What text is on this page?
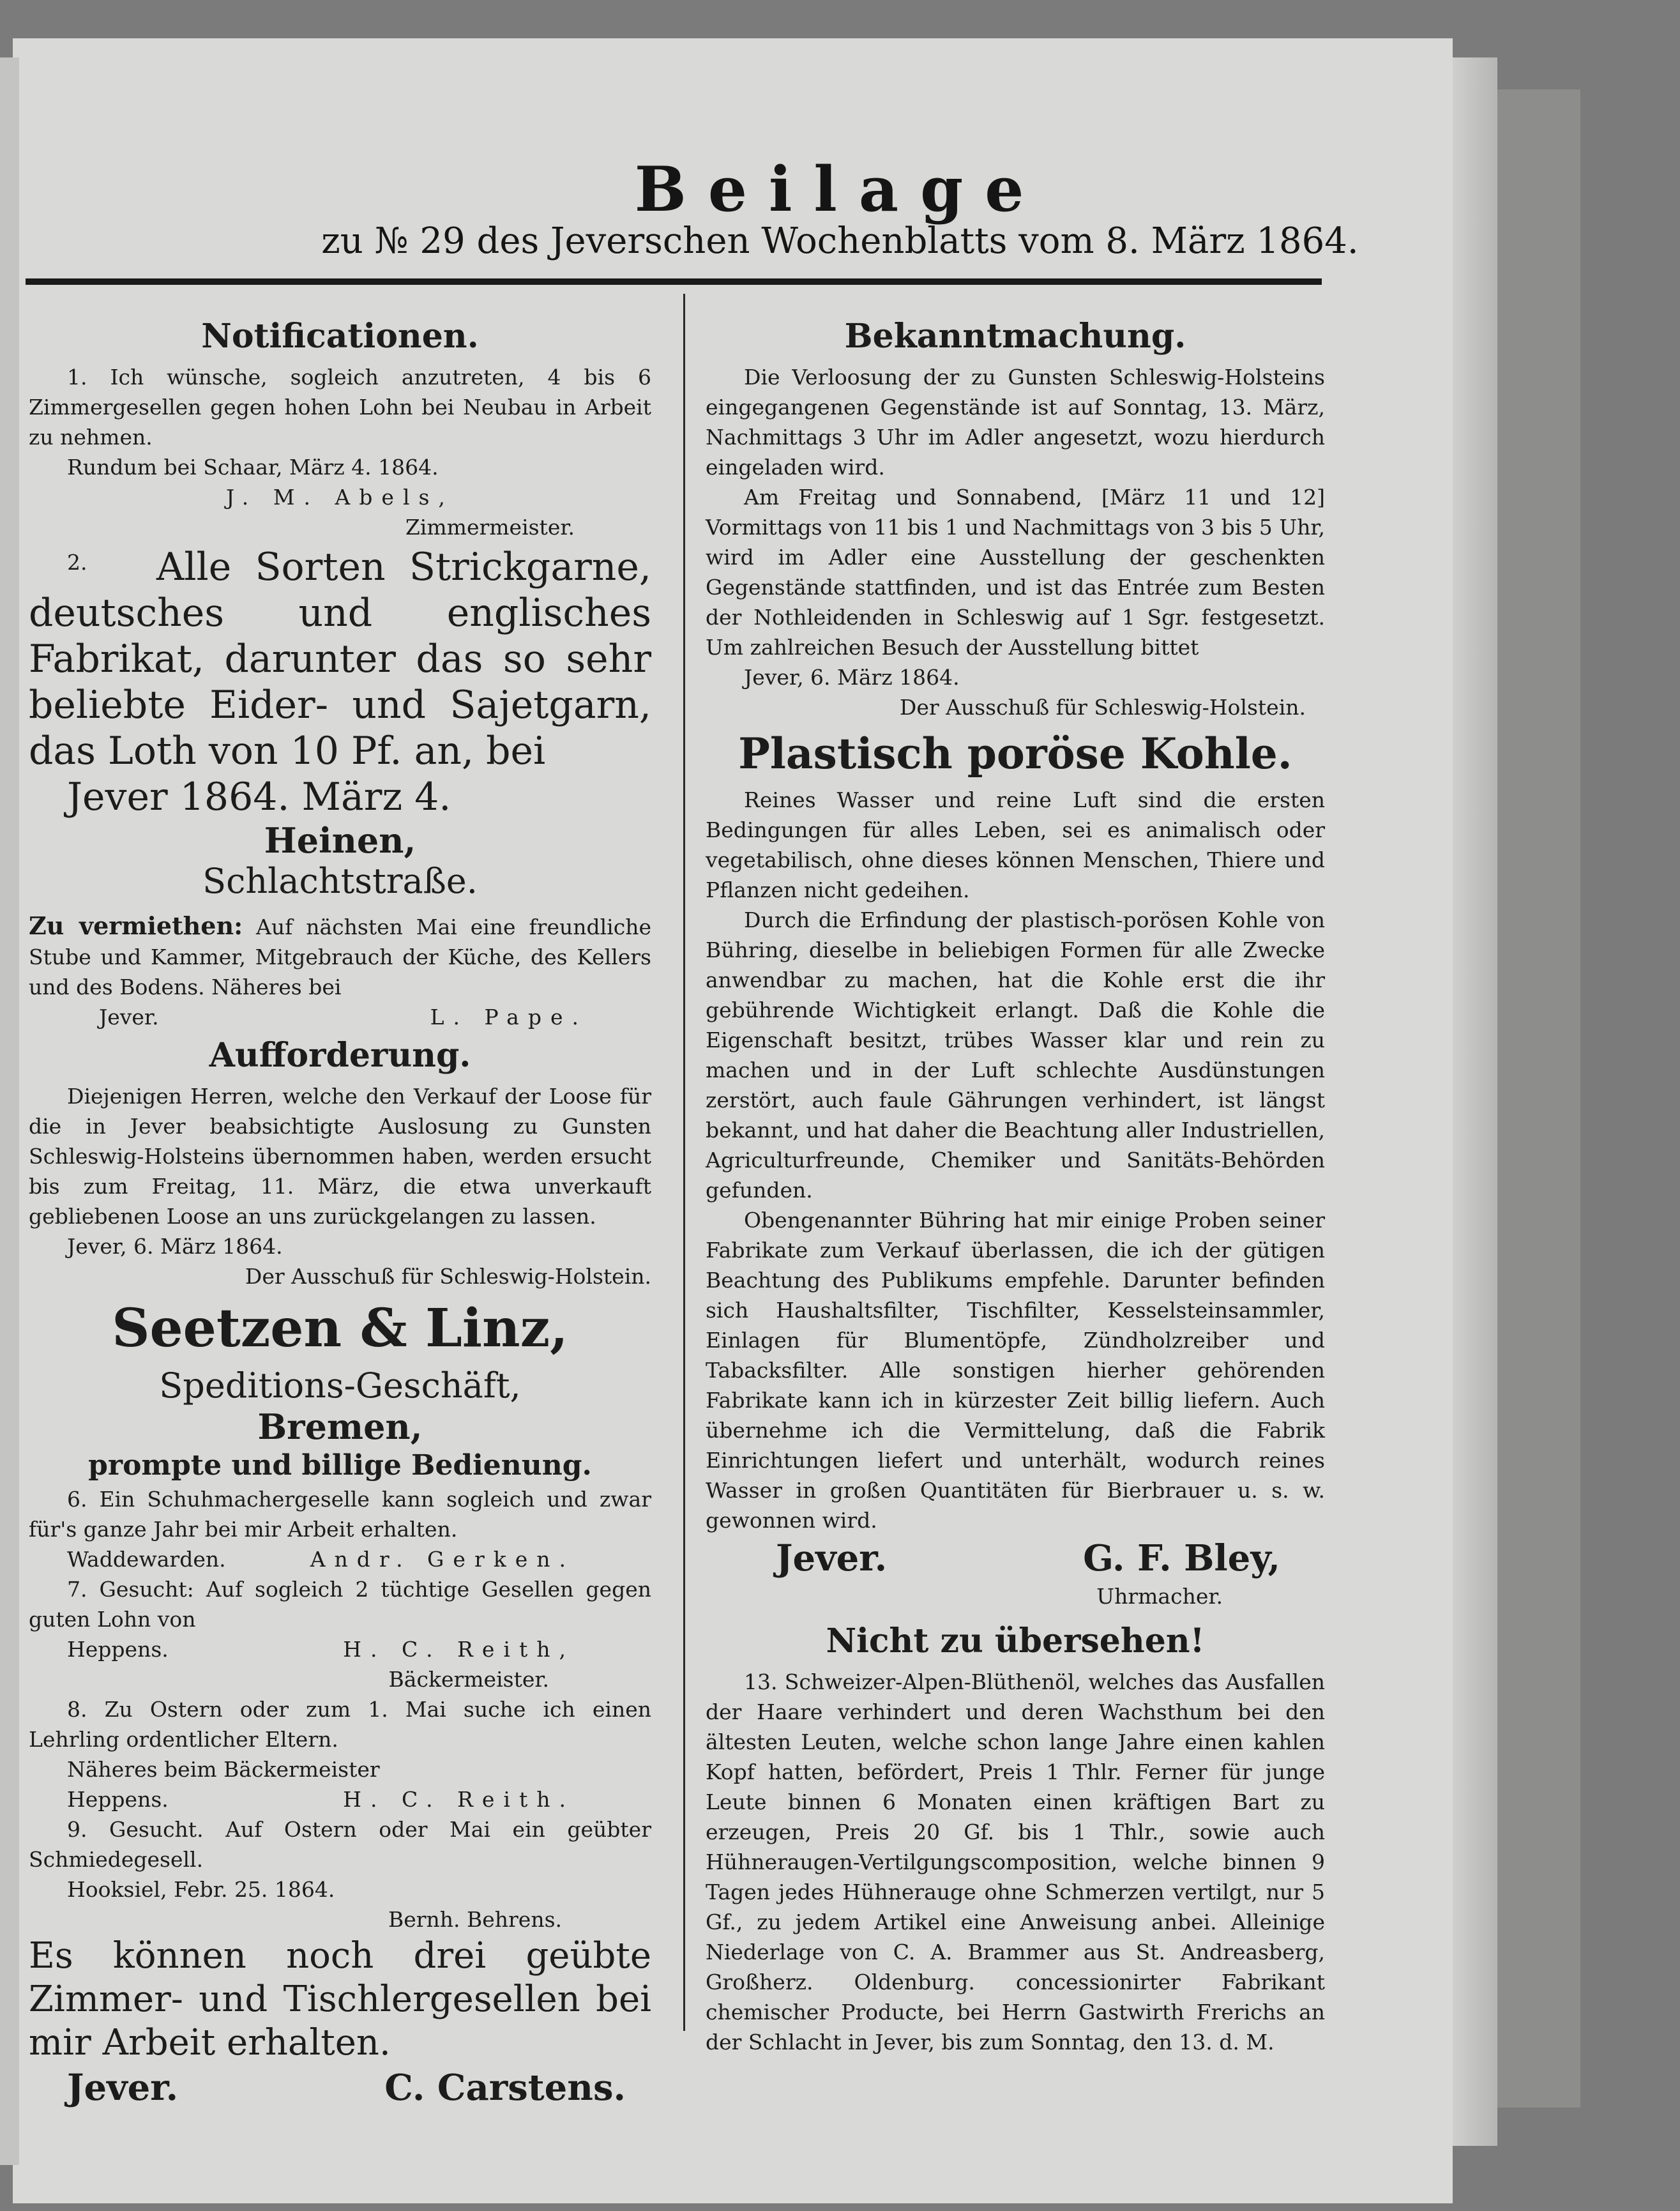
Beilage
zu № 29 des Jeverschen Wochenblatts vom 8. März 1864.
Notificationen.

1. Ich wünsche, sogleich anzutreten, 4 bis 6 Zimmergesellen gegen hohen Lohn bei Neubau in Arbeit zu nehmen.

Rundum bei Schaar, März 4. 1864.

J. M. Abels,

Zimmermeister.

2.	Alle Sorten Strickgarne, deutsches und englisches Fabrikat, darunter das so sehr beliebte Eider- und Sajetgarn, das Loth von 10 Pf. an, bei

Jever 1864. März 4.

Heinen,
Schlachtstraße.

Zu vermiethen: Auf nächsten Mai eine freundliche Stube und Kammer, Mitgebrauch der Küche, des Kellers und des Bodens. Näheres bei

Jever.	L. Pape.
Aufforderung.

Diejenigen Herren, welche den Verkauf der Loose für die in Jever beabsichtigte Auslosung zu Gunsten Schleswig-Holsteins übernommen haben, werden ersucht bis zum Freitag, 11. März, die etwa unverkauft gebliebenen Loose an uns zurückgelangen zu lassen.

Jever, 6. März 1864.

Der Ausschuß für Schleswig-Holstein.

Seetzen & Linz,
Speditions-Geschäft,
Bremen,
prompte und billige Bedienung.

6. Ein Schuhmachergeselle kann sogleich und zwar für's ganze Jahr bei mir Arbeit erhalten.

Waddewarden.	Andr. Gerken.

7. Gesucht: Auf sogleich 2 tüchtige Gesellen gegen guten Lohn von

Heppens.	H. C. Reith,

Bäckermeister.

8. Zu Ostern oder zum 1. Mai suche ich einen Lehrling ordentlicher Eltern.

Näheres beim Bäckermeister

Heppens.	H. C. Reith.

9. Gesucht. Auf Ostern oder Mai ein geübter Schmiedegesell.

Hooksiel, Febr. 25. 1864.

Bernh. Behrens.

Es können noch drei geübte Zimmer- und Tischlergesellen bei mir Arbeit erhalten.

Jever.	C. Carstens.
Bekanntmachung.

Die Verloosung der zu Gunsten Schleswig-Holsteins eingegangenen Gegenstände ist auf Sonntag, 13. März, Nachmittags 3 Uhr im Adler angesetzt, wozu hierdurch eingeladen wird.

Am Freitag und Sonnabend, [März 11 und 12] Vormittags von 11 bis 1 und Nachmittags von 3 bis 5 Uhr, wird im Adler eine Ausstellung der geschenkten Gegenstände stattfinden, und ist das Entrée zum Besten der Nothleidenden in Schleswig auf 1 Sgr. festgesetzt. Um zahlreichen Besuch der Ausstellung bittet

Jever, 6. März 1864.

Der Ausschuß für Schleswig-Holstein.

Plastisch poröse Kohle.

Reines Wasser und reine Luft sind die ersten Bedingungen für alles Leben, sei es animalisch oder vegetabilisch, ohne dieses können Menschen, Thiere und Pflanzen nicht gedeihen.

Durch die Erfindung der plastisch-porösen Kohle von Bühring, dieselbe in beliebigen Formen für alle Zwecke anwendbar zu machen, hat die Kohle erst die ihr gebührende Wichtigkeit erlangt. Daß die Kohle die Eigenschaft besitzt, trübes Wasser klar und rein zu machen und in der Luft schlechte Ausdünstungen zerstört, auch faule Gährungen verhindert, ist längst bekannt, und hat daher die Beachtung aller Industriellen, Agriculturfreunde, Chemiker und Sanitäts-Behörden gefunden.

Obengenannter Bühring hat mir einige Proben seiner Fabrikate zum Verkauf überlassen, die ich der gütigen Beachtung des Publikums empfehle. Darunter befinden sich Haushaltsfilter, Tischfilter, Kesselsteinsammler, Einlagen für Blumentöpfe, Zündholzreiber und Tabacksfilter. Alle sonstigen hierher gehörenden Fabrikate kann ich in kürzester Zeit billig liefern. Auch übernehme ich die Vermittelung, daß die Fabrik Einrichtungen liefert und unterhält, wodurch reines Wasser in großen Quantitäten für Bierbrauer u. s. w. gewonnen wird.

Jever.	G. F. Bley,

Uhrmacher.

Nicht zu übersehen!

13. Schweizer-Alpen-Blüthenöl, welches das Ausfallen der Haare verhindert und deren Wachsthum bei den ältesten Leuten, welche schon lange Jahre einen kahlen Kopf hatten, befördert, Preis 1 Thlr. Ferner für junge Leute binnen 6 Monaten einen kräftigen Bart zu erzeugen, Preis 20 Gf. bis 1 Thlr., sowie auch Hühneraugen-Vertilgungscomposition, welche binnen 9 Tagen jedes Hühnerauge ohne Schmerzen vertilgt, nur 5 Gf., zu jedem Artikel eine Anweisung anbei. Alleinige Niederlage von C. A. Brammer aus St. Andreasberg, Großherz. Oldenburg. concessionirter Fabrikant chemischer Producte, bei Herrn Gastwirth Frerichs an der Schlacht in Jever, bis zum Sonntag, den 13. d. M.
